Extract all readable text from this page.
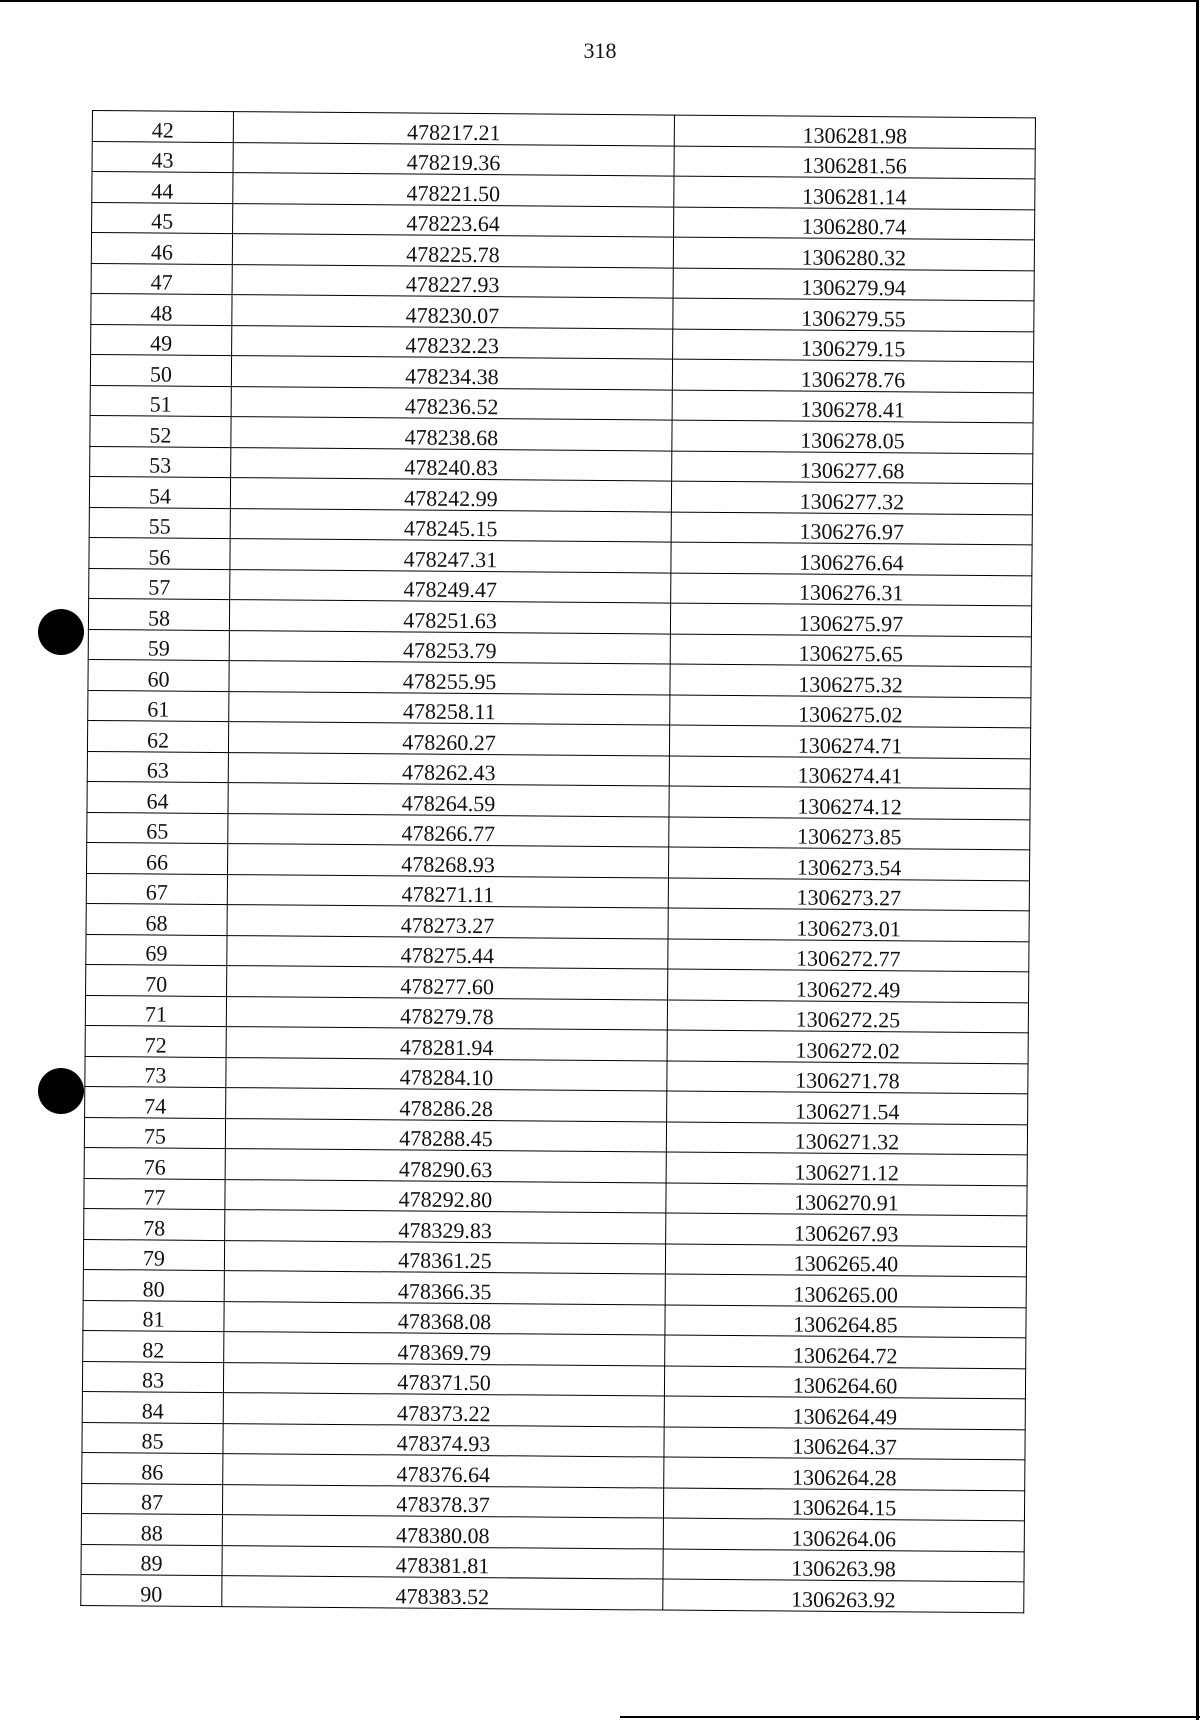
318
42	478217.21	1306281.98
43	478219.36	1306281.56
44	478221.50	1306281.14
45	478223.64	1306280.74
46	478225.78	1306280.32
47	478227.93	1306279.94
48	478230.07	1306279.55
49	478232.23	1306279.15
50	478234.38	1306278.76
51	478236.52	1306278.41
52	478238.68	1306278.05
53	478240.83	1306277.68
54	478242.99	1306277.32
55	478245.15	1306276.97
56	478247.31	1306276.64
57	478249.47	1306276.31
58	478251.63	1306275.97
59	478253.79	1306275.65
60	478255.95	1306275.32
61	478258.11	1306275.02
62	478260.27	1306274.71
63	478262.43	1306274.41
64	478264.59	1306274.12
65	478266.77	1306273.85
66	478268.93	1306273.54
67	478271.11	1306273.27
68	478273.27	1306273.01
69	478275.44	1306272.77
70	478277.60	1306272.49
71	478279.78	1306272.25
72	478281.94	1306272.02
73	478284.10	1306271.78
74	478286.28	1306271.54
75	478288.45	1306271.32
76	478290.63	1306271.12
77	478292.80	1306270.91
78	478329.83	1306267.93
79	478361.25	1306265.40
80	478366.35	1306265.00
81	478368.08	1306264.85
82	478369.79	1306264.72
83	478371.50	1306264.60
84	478373.22	1306264.49
85	478374.93	1306264.37
86	478376.64	1306264.28
87	478378.37	1306264.15
88	478380.08	1306264.06
89	478381.81	1306263.98
90	478383.52	1306263.92
